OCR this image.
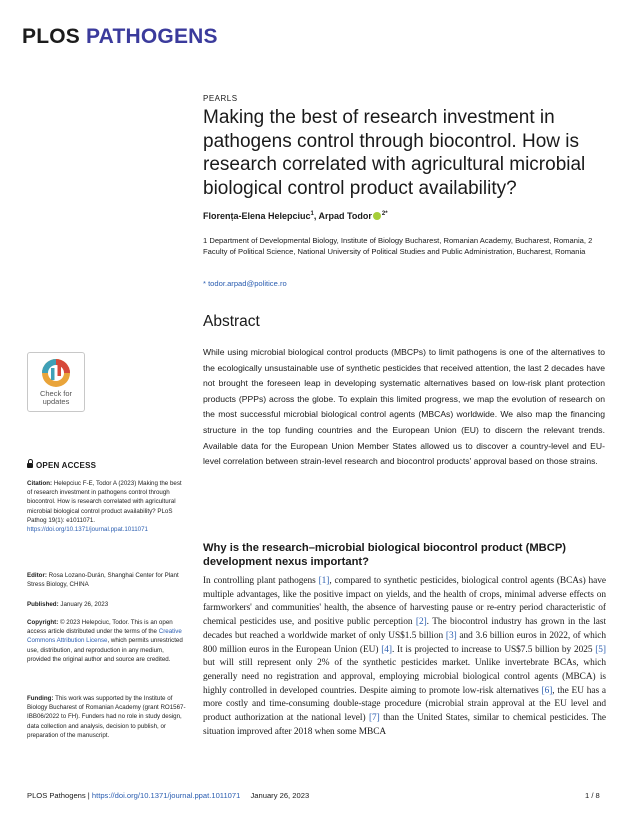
PLOS PATHOGENS
PEARLS
Making the best of research investment in pathogens control through biocontrol. How is research correlated with agricultural microbial biological control product availability?
Florența-Elena Helepciuc$^1$, Arpad Todor $^{2*}$
1 Department of Developmental Biology, Institute of Biology Bucharest, Romanian Academy, Bucharest, Romania, 2 Faculty of Political Science, National University of Political Studies and Public Administration, Bucharest, Romania
* todor.arpad@politice.ro
Abstract
While using microbial biological control products (MBCPs) to limit pathogens is one of the alternatives to the ecologically unsustainable use of synthetic pesticides that received attention, the last 2 decades have not brought the foreseen leap in developing systematic alternatives based on low-risk plant protection products (PPPs) across the globe. To explain this limited progress, we map the evolution of research on the most successful microbial biological control agents (MBCAs) worldwide. We also map the financing structure in the top funding countries and the European Union (EU) to discern the relevant trends. Available data for the European Union Member States allowed us to discover a country-level and EU-level correlation between strain-level research and biocontrol products' approval based on those strains.
Check for
updates
OPEN ACCESS
Citation: Helepciuc F-E, Todor A (2023) Making the best of research investment in pathogens control through biocontrol. How is research correlated with agricultural microbial biological control product availability? PLoS Pathog 19(1): e1011071. https://doi.org/10.1371/journal.ppat.1011071
Editor: Rosa Lozano-Durán, Shanghai Center for Plant Stress Biology, CHINA
Published: January 26, 2023
Copyright: © 2023 Helepciuc, Todor. This is an open access article distributed under the terms of the Creative Commons Attribution License, which permits unrestricted use, distribution, and reproduction in any medium, provided the original author and source are credited.
Funding: This work was supported by the Institute of Biology Bucharest of Romanian Academy (grant RO1567-IBB06/2022 to FH). Funders had no role in study design, data collection and analysis, decision to publish, or preparation of the manuscript.
Why is the research–microbial biological biocontrol product (MBCP) development nexus important?
In controlling plant pathogens [1], compared to synthetic pesticides, biological control agents (BCAs) have multiple advantages, like the positive impact on yields, and the health of crops, minimal adverse effects on farmworkers' and communities' health, the absence of harvesting pause or re-entry period characteristic of chemical pesticides use, and positive public perception [2]. The biocontrol industry has grown in the last decades but reached a worldwide market of only US$1.5 billion [3] and 3.6 billion euros in 2022, of which 800 million euros in the European Union (EU) [4]. It is projected to increase to US$7.5 billion by 2025 [5] but will still represent only 2% of the synthetic pesticides market. Unlike invertebrate BCAs, which generally need no registration and approval, employing microbial biological control agents (MBCA) is highly controlled in developed countries. Despite aiming to promote low-risk alternatives [6], the EU has a more costly and time-consuming double-stage procedure (microbial strain approval at the EU level and product authorization at the national level) [7] than the United States, similar to chemical pesticides. The situation improved after 2018 when some MBCA
PLOS Pathogens | https://doi.org/10.1371/journal.ppat.1011071 January 26, 2023	1 / 8
